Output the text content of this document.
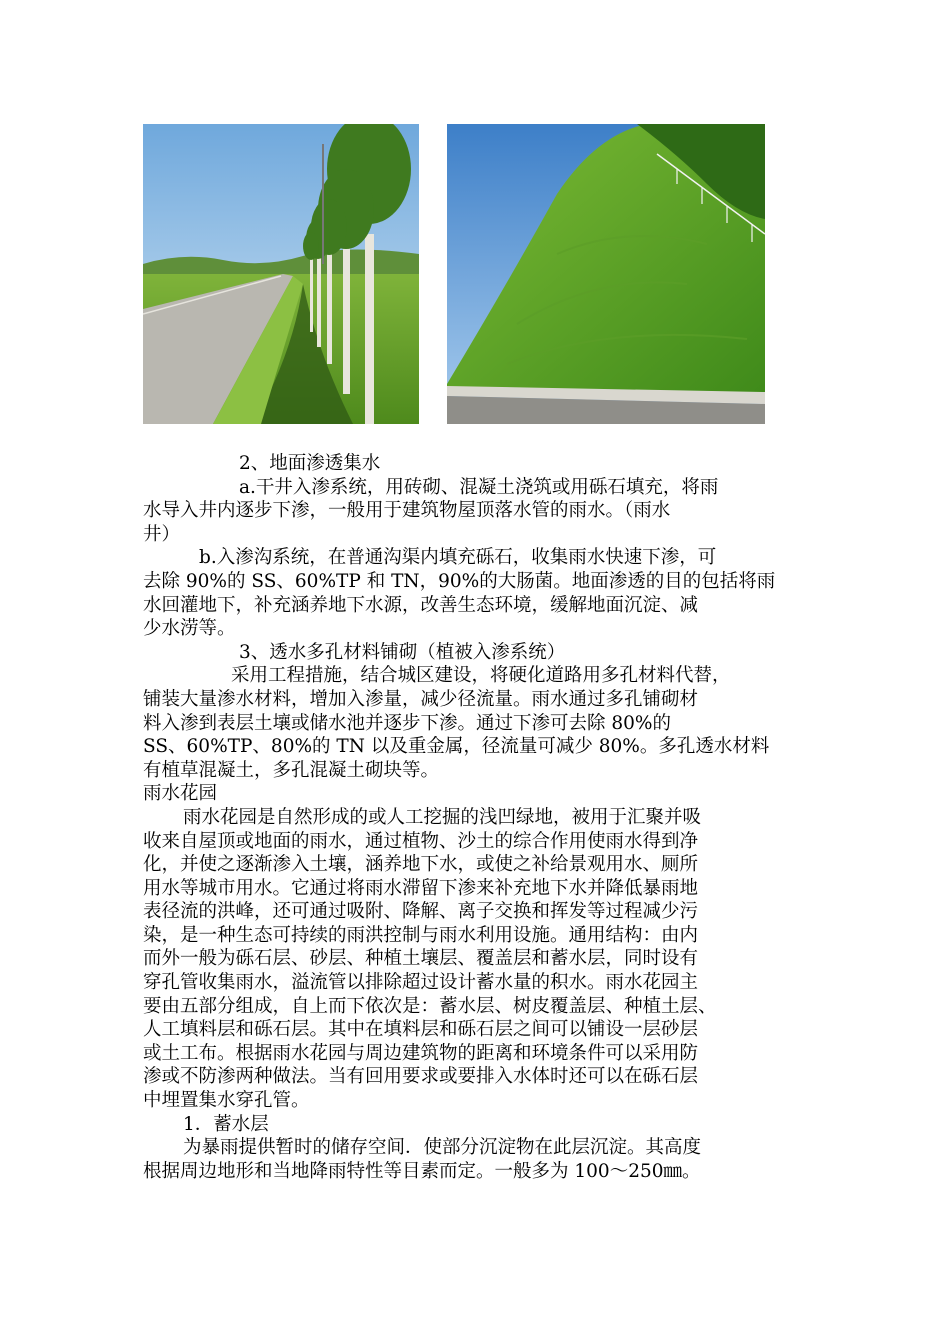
2、地面渗透集水
a.干井入渗系统，用砖砌、混凝土浇筑或用砾石填充，将雨
水导入井内逐步下渗，一般用于建筑物屋顶落水管的雨水。（雨水
井）
b.入渗沟系统，在普通沟渠内填充砾石，收集雨水快速下渗，可
去除 90%的 SS、60%TP 和 TN，90%的大肠菌。地面渗透的目的包括将雨
水回灌地下，补充涵养地下水源，改善生态环境，缓解地面沉淀、减
少水涝等。
3、透水多孔材料铺砌（植被入渗系统）
采用工程措施，结合城区建设，将硬化道路用多孔材料代替，
铺装大量渗水材料，增加入渗量，减少径流量。雨水通过多孔铺砌材
料入渗到表层土壤或储水池并逐步下渗。通过下渗可去除 80%的
SS、60%TP、80%的 TN 以及重金属，径流量可减少 80%。多孔透水材料
有植草混凝土，多孔混凝土砌块等。
雨水花园
雨水花园是自然形成的或人工挖掘的浅凹绿地，被用于汇聚并吸
收来自屋顶或地面的雨水，通过植物、沙土的综合作用使雨水得到净
化，并使之逐渐渗入土壤，涵养地下水，或使之补给景观用水、厕所
用水等城市用水。它通过将雨水滞留下渗来补充地下水并降低暴雨地
表径流的洪峰，还可通过吸附、降解、离子交换和挥发等过程减少污
染，是一种生态可持续的雨洪控制与雨水利用设施。通用结构：由内
而外一般为砾石层、砂层、种植土壤层、覆盖层和蓄水层，同时设有
穿孔管收集雨水，溢流管以排除超过设计蓄水量的积水。雨水花园主
要由五部分组成，自上而下依次是：蓄水层、树皮覆盖层、种植土层、
人工填料层和砾石层。其中在填料层和砾石层之间可以铺设一层砂层
或土工布。根据雨水花园与周边建筑物的距离和环境条件可以采用防
渗或不防渗两种做法。当有回用要求或要排入水体时还可以在砾石层
中埋置集水穿孔管。
1．蓄水层
为暴雨提供暂时的储存空间．使部分沉淀物在此层沉淀。其高度
根据周边地形和当地降雨特性等目素而定。一般多为 100～250㎜。
